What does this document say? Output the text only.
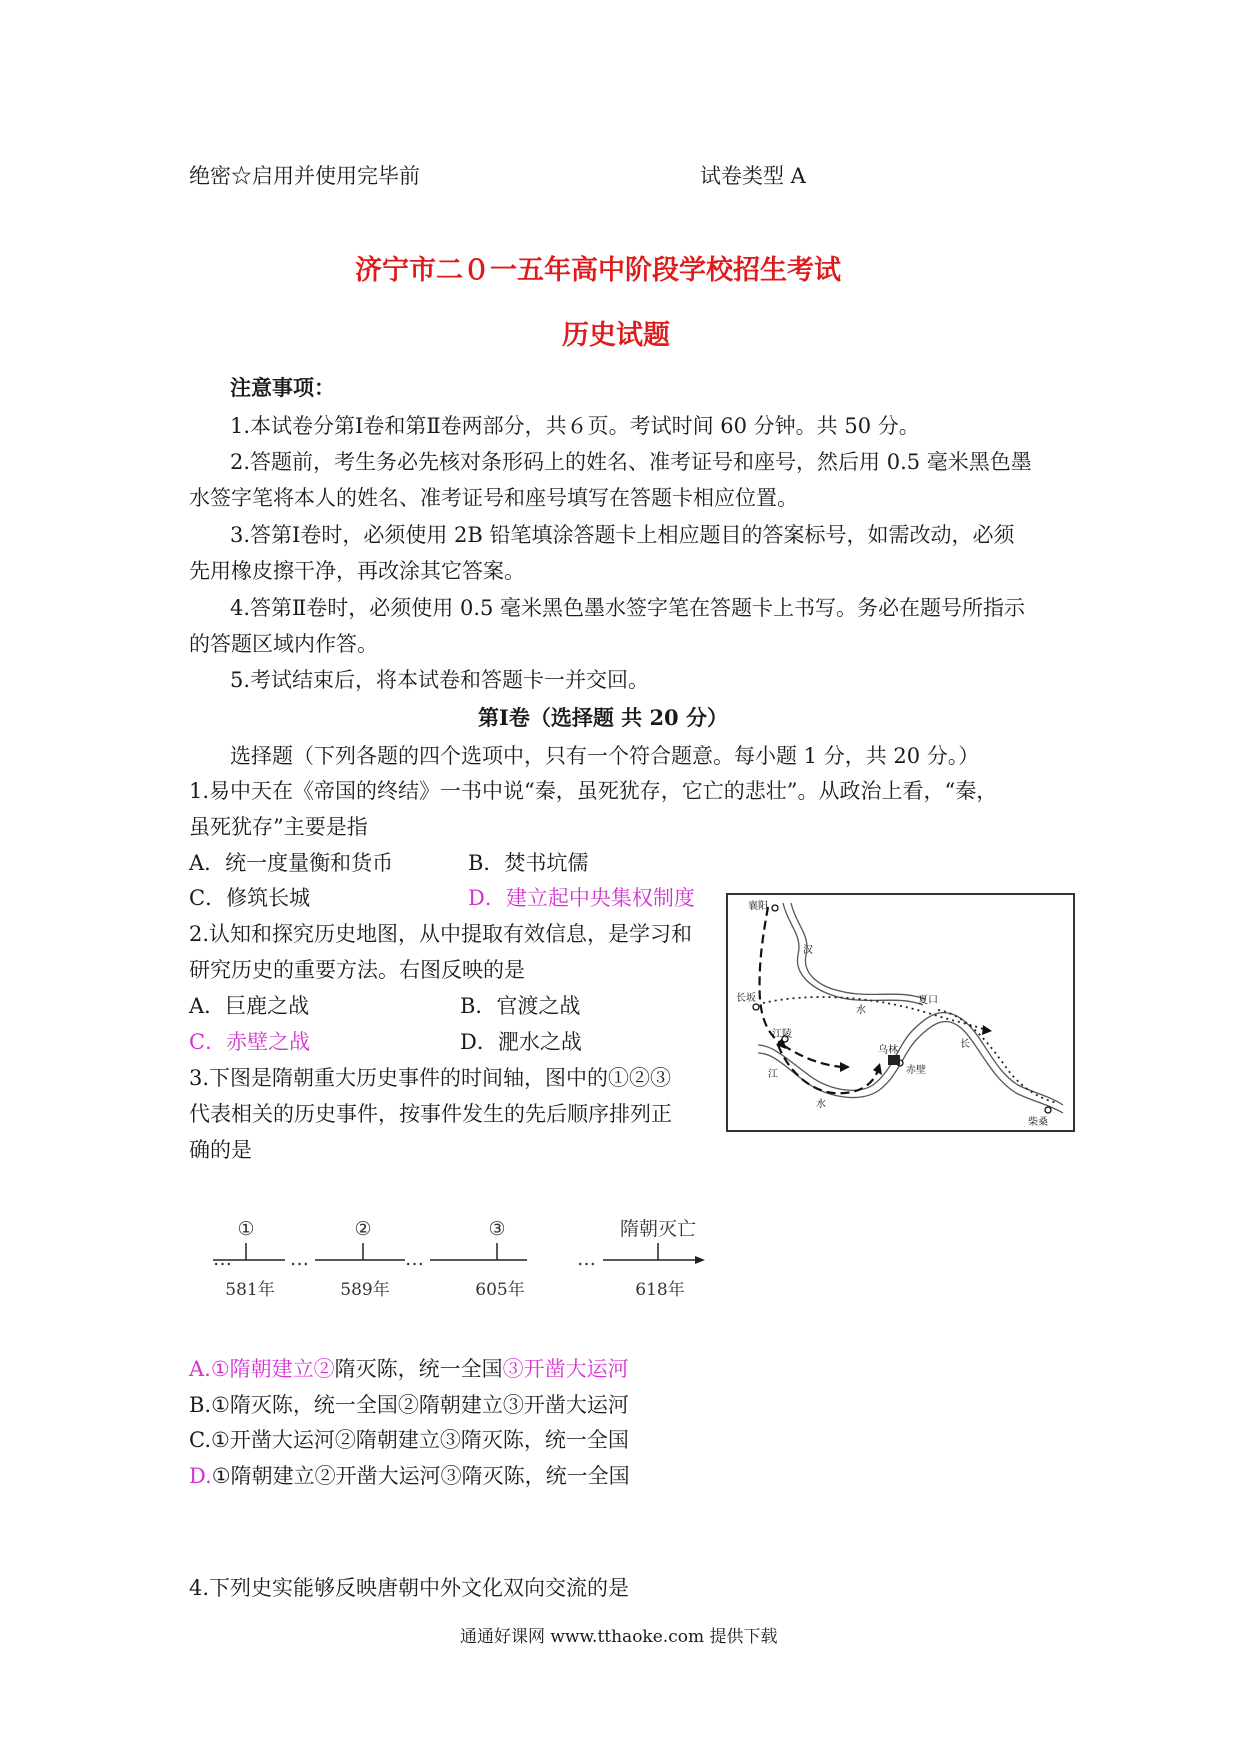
绝密☆启用并使用完毕前	试卷类型 A
济宁市二０一五年高中阶段学校招生考试
历史试题
注意事项：
1.本试卷分第Ⅰ卷和第Ⅱ卷两部分，共６页。考试时间 60 分钟。共 50 分。
2.答题前，考生务必先核对条形码上的姓名、准考证号和座号，然后用 0.5 毫米黑色墨
水签字笔将本人的姓名、准考证号和座号填写在答题卡相应位置。
3.答第Ⅰ卷时，必须使用 2B 铅笔填涂答题卡上相应题目的答案标号，如需改动，必须
先用橡皮擦干净，再改涂其它答案。
4.答第Ⅱ卷时，必须使用 0.5 毫米黑色墨水签字笔在答题卡上书写。务必在题号所指示
的答题区域内作答。
5.考试结束后，将本试卷和答题卡一并交回。
第Ⅰ卷（选择题 共 20 分）
选择题（下列各题的四个选项中，只有一个符合题意。每小题 1 分，共 20 分。）
1.易中天在《帝国的终结》一书中说“秦，虽死犹存，它亡的悲壮”。从政治上看，“秦，
虽死犹存”主要是指
A．统一度量衡和货币	B．焚书坑儒
C．修筑长城	D．建立起中央集权制度
2.认知和探究历史地图，从中提取有效信息，是学习和
研究历史的重要方法。右图反映的是
A．巨鹿之战	B．官渡之战
C．赤壁之战	D．淝水之战
襄阳
汉
长坂
水
江陵
夏口
乌林
赤壁
长
水
江
柴桑
3.下图是隋朝重大历史事件的时间轴，图中的①②③
代表相关的历史事件，按事件发生的先后顺序排列正
确的是
…	…	…	…
①	②	③	隋朝灭亡
581年	589年	605年	618年
A.①隋朝建立②隋灭陈，统一全国③开凿大运河
B.①隋灭陈，统一全国②隋朝建立③开凿大运河
C.①开凿大运河②隋朝建立③隋灭陈，统一全国
D.①隋朝建立②开凿大运河③隋灭陈，统一全国
4.下列史实能够反映唐朝中外文化双向交流的是
通通好课网 www.tthaoke.com 提供下载
